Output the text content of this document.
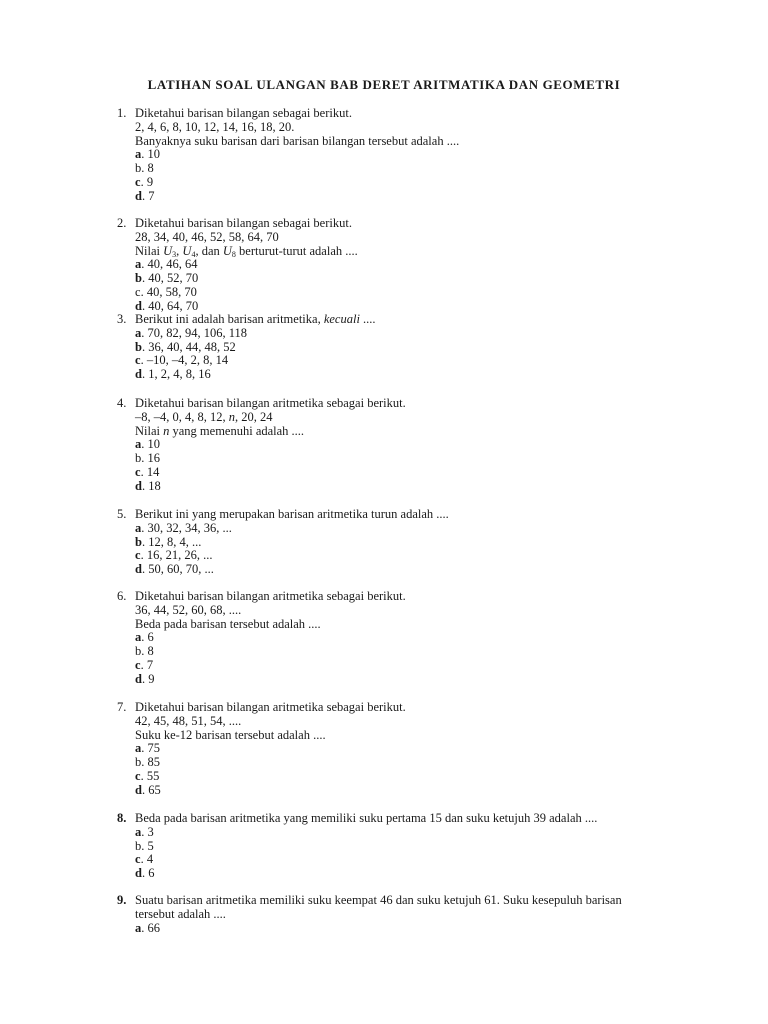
LATIHAN SOAL ULANGAN BAB DERET ARITMATIKA DAN GEOMETRI
1. Diketahui barisan bilangan sebagai berikut.
2, 4, 6, 8, 10, 12, 14, 16, 18, 20.
Banyaknya suku barisan dari barisan bilangan tersebut adalah ....
a. 10
b. 8
c. 9
d. 7
2. Diketahui barisan bilangan sebagai berikut.
28, 34, 40, 46, 52, 58, 64, 70
Nilai $U_3$, $U_4$, dan $U_8$ berturut-turut adalah ....
a. 40, 46, 64
b. 40, 52, 70
c. 40, 58, 70
d. 40, 64, 70
3. Berikut ini adalah barisan aritmetika, kecuali ....
a. 70, 82, 94, 106, 118
b. 36, 40, 44, 48, 52
c. –10, –4, 2, 8, 14
d. 1, 2, 4, 8, 16
4. Diketahui barisan bilangan aritmetika sebagai berikut.
–8, –4, 0, 4, 8, 12, n, 20, 24
Nilai n yang memenuhi adalah ....
a. 10
b. 16
c. 14
d. 18
5. Berikut ini yang merupakan barisan aritmetika turun adalah ....
a. 30, 32, 34, 36, ...
b. 12, 8, 4, ...
c. 16, 21, 26, ...
d. 50, 60, 70, ...
6. Diketahui barisan bilangan aritmetika sebagai berikut.
36, 44, 52, 60, 68, ....
Beda pada barisan tersebut adalah ....
a. 6
b. 8
c. 7
d. 9
7. Diketahui barisan bilangan aritmetika sebagai berikut.
42, 45, 48, 51, 54, ....
Suku ke-12 barisan tersebut adalah ....
a. 75
b. 85
c. 55
d. 65
8. Beda pada barisan aritmetika yang memiliki suku pertama 15 dan suku ketujuh 39 adalah ....
a. 3
b. 5
c. 4
d. 6
9. Suatu barisan aritmetika memiliki suku keempat 46 dan suku ketujuh 61. Suku kesepuluh barisan
tersebut adalah ....
a. 66
